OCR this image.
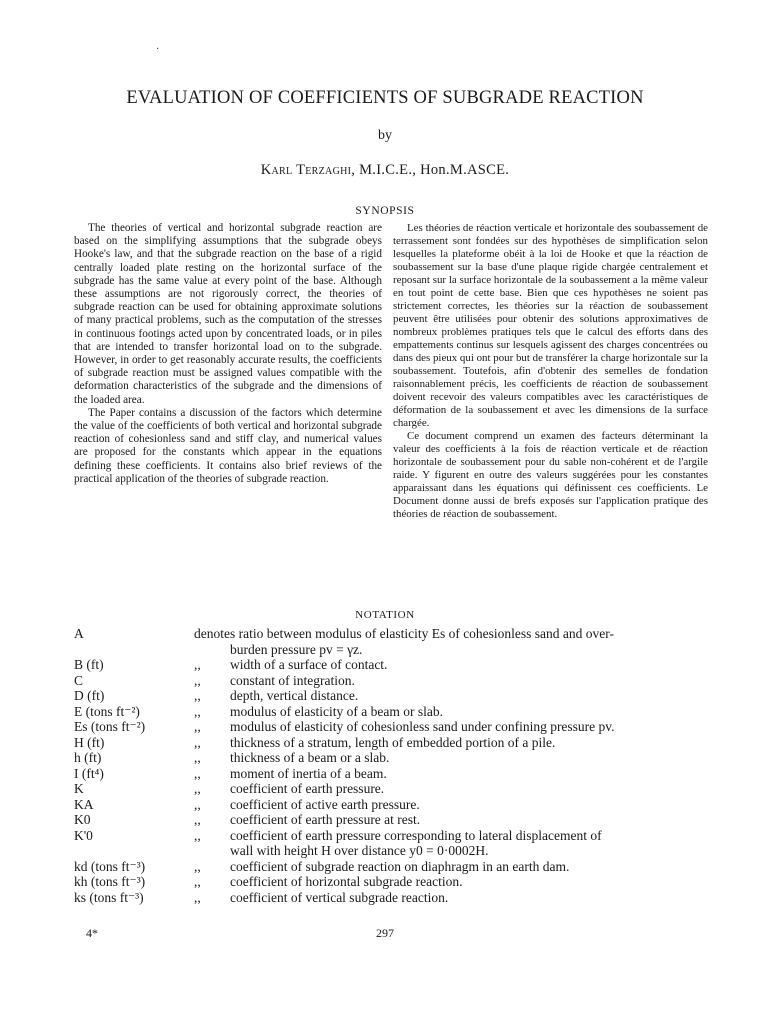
·
EVALUATION OF COEFFICIENTS OF SUBGRADE REACTION
by
Karl Terzaghi, M.I.C.E., Hon.M.ASCE.
SYNOPSIS

The theories of vertical and horizontal subgrade reaction are based on the simplifying assumptions that the subgrade obeys Hooke's law, and that the subgrade reaction on the base of a rigid centrally loaded plate resting on the horizontal surface of the subgrade has the same value at every point of the base. Although these assumptions are not rigorously correct, the theories of subgrade reaction can be used for obtaining approximate solutions of many practical problems, such as the computation of the stresses in continuous footings acted upon by concentrated loads, or in piles that are intended to transfer horizontal load on to the subgrade. However, in order to get reasonably accurate results, the coefficients of subgrade reaction must be assigned values compatible with the deformation characteristics of the subgrade and the dimensions of the loaded area.

The Paper contains a discussion of the factors which determine the value of the coefficients of both vertical and horizontal subgrade reaction of cohesionless sand and stiff clay, and numerical values are proposed for the constants which appear in the equations defining these coefficients. It contains also brief reviews of the practical application of the theories of subgrade reaction.

Les théories de réaction verticale et horizontale des soubassement de terrassement sont fondées sur des hypothèses de simplification selon lesquelles la plateforme obéit à la loi de Hooke et que la réaction de soubassement sur la base d'une plaque rigide chargée centralement et reposant sur la surface horizontale de la soubassement a la même valeur en tout point de cette base. Bien que ces hypothèses ne soient pas strictement correctes, les théories sur la réaction de soubassement peuvent être utilisées pour obtenir des solutions approximatives de nombreux problèmes pratiques tels que le calcul des efforts dans des empattements continus sur lesquels agissent des charges concentrées ou dans des pieux qui ont pour but de transférer la charge horizontale sur la soubassement. Toutefois, afin d'obtenir des semelles de fondation raisonnablement précis, les coefficients de réaction de soubassement doivent recevoir des valeurs compatibles avec les caractéristiques de déformation de la soubassement et avec les dimensions de la surface chargée.

Ce document comprend un examen des facteurs déterminant la valeur des coefficients à la fois de réaction verticale et de réaction horizontale de soubassement pour du sable non-cohérent et de l'argile raide. Y figurent en outre des valeurs suggérées pour les constantes apparaissant dans les équations qui définissent ces coefficients. Le Document donne aussi de brefs exposés sur l'application pratique des théories de réaction de soubassement.

NOTATION
A	denotes ratio between modulus of elasticity Es of cohesionless sand and over-
burden pressure pv = γz.
B (ft)	,,	width of a surface of contact.
C	,,	constant of integration.
D (ft)	,,	depth, vertical distance.
E (tons ft⁻²)	,,	modulus of elasticity of a beam or slab.
Es (tons ft⁻²)	,,	modulus of elasticity of cohesionless sand under confining pressure pv.
H (ft)	,,	thickness of a stratum, length of embedded portion of a pile.
h (ft)	,,	thickness of a beam or a slab.
I (ft⁴)	,,	moment of inertia of a beam.
K	,,	coefficient of earth pressure.
KA	,,	coefficient of active earth pressure.
K0	,,	coefficient of earth pressure at rest.
K'0	,,	coefficient of earth pressure corresponding to lateral displacement of
wall with height H over distance y0 = 0·0002H.
kd (tons ft⁻³)	,,	coefficient of subgrade reaction on diaphragm in an earth dam.
kh (tons ft⁻³)	,,	coefficient of horizontal subgrade reaction.
ks (tons ft⁻³)	,,	coefficient of vertical subgrade reaction.
4*	297
